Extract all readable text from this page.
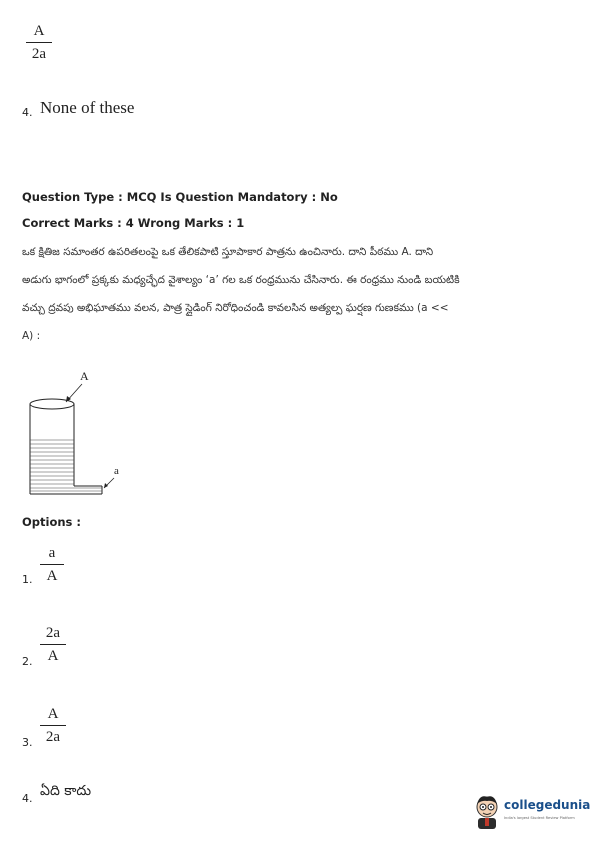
A
2a
4. None of these
Question Type : MCQ Is Question Mandatory : No
Correct Marks : 4 Wrong Marks : 1
ఒక క్షితిజ సమాంతర ఉపరితలంపై ఒక తేలికపాటి స్తూపాకార పాత్రను ఉంచినారు. దాని పీఠము A. దాని అడుగు భాగంలో ప్రక్కకు మధ్యచ్ఛేద వైశాల్యం ‘a’ గల ఒక రంధ్రమును చేసినారు. ఈ రంధ్రము నుండి బయటికి వచ్చు ద్రవపు అభిఘాతము వలన, పాత్ర స్లైడింగ్ నిరోధించండి కావలసిన అత్యల్ప ఘర్షణ గుణకము (a << A) :
A
a
Options :
1.
a
A
2.
2a
A
3.
A
2a
4. ఏది కాదు
collegedunia
India's largest Student Review Platform
